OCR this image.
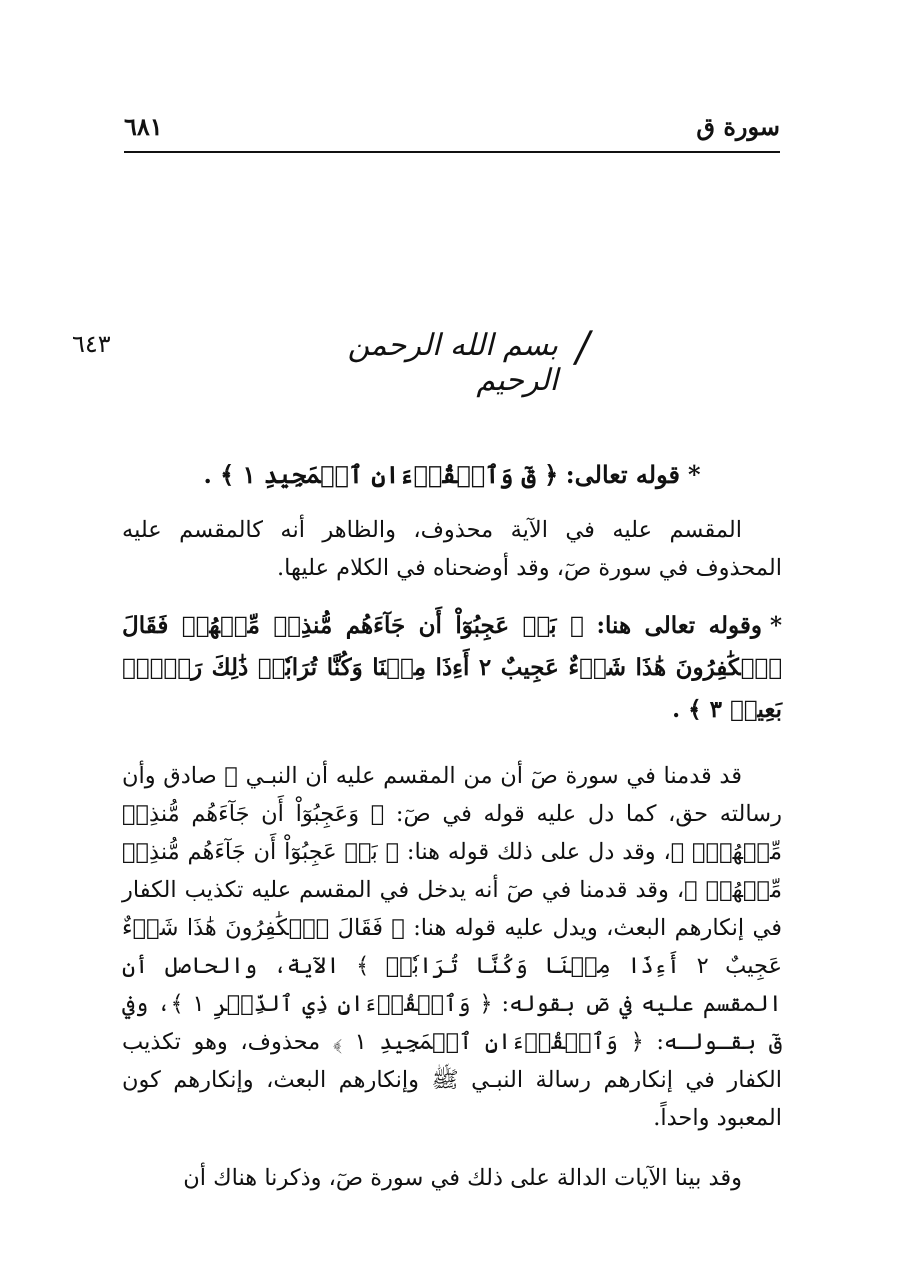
سورة ق
٦٨١
٦٤٣	/
بسم الله الرحمن الرحيم

*قوله تعالى: ﴿ قٓ وَٱلۡقُرۡءَانِ ٱلۡمَجِيدِ ١ ﴾ .

المقسم عليه في الآية محذوف، والظاهر أنه كالمقسم عليه المحذوف في سورة صٓ، وقد أوضحناه في الكلام عليها.

*وقوله تعالى هنا: ﴿ بَلۡ عَجِبُوٓاْ أَن جَآءَهُم مُّنذِرٞ مِّنۡهُمۡ فَقَالَ ٱلۡكَٰفِرُونَ هَٰذَا شَيۡءٌ عَجِيبٌ ٢ أَءِذَا مِتۡنَا وَكُنَّا تُرَابٗاۖ ذَٰلِكَ رَجۡعُۢ بَعِيدٞ ٣ ﴾ .

قد قدمنا في سورة صٓ أن من المقسم عليه أن النبـي ﷺ صادق وأن رسالته حق، كما دل عليه قوله في صٓ: ﴿ وَعَجِبُوٓاْ أَن جَآءَهُم مُّنذِرٞ مِّنۡهُمۡۖ ﴾، وقد دل على ذلك قوله هنا: ﴿ بَلۡ عَجِبُوٓاْ أَن جَآءَهُم مُّنذِرٞ مِّنۡهُمۡ ﴾، وقد قدمنا في صٓ أنه يدخل في المقسم عليه تكذيب الكفار في إنكارهم البعث، ويدل عليه قوله هنا: ﴿ فَقَالَ ٱلۡكَٰفِرُونَ هَٰذَا شَيۡءٌ عَجِيبٌ ٢ أَءِذَا مِتۡنَا وَكُنَّا تُرَابٗاۖ ﴾ الآية، والحاصل أن المقسم عليه في صٓ بقوله: ﴿ وَٱلۡقُرۡءَانِ ذِي ٱلذِّكۡرِ ١ ﴾، وفي قٓ بقـولـه: ﴿ وَٱلۡقُرۡءَانِ ٱلۡمَجِيدِ ١ ﴾ محذوف، وهو تكذيب الكفار في إنكارهم رسالة النبـي ﷺ وإنكارهم البعث، وإنكارهم كون المعبود واحداً.

وقد بينا الآيات الدالة على ذلك في سورة صٓ، وذكرنا هناك أن
